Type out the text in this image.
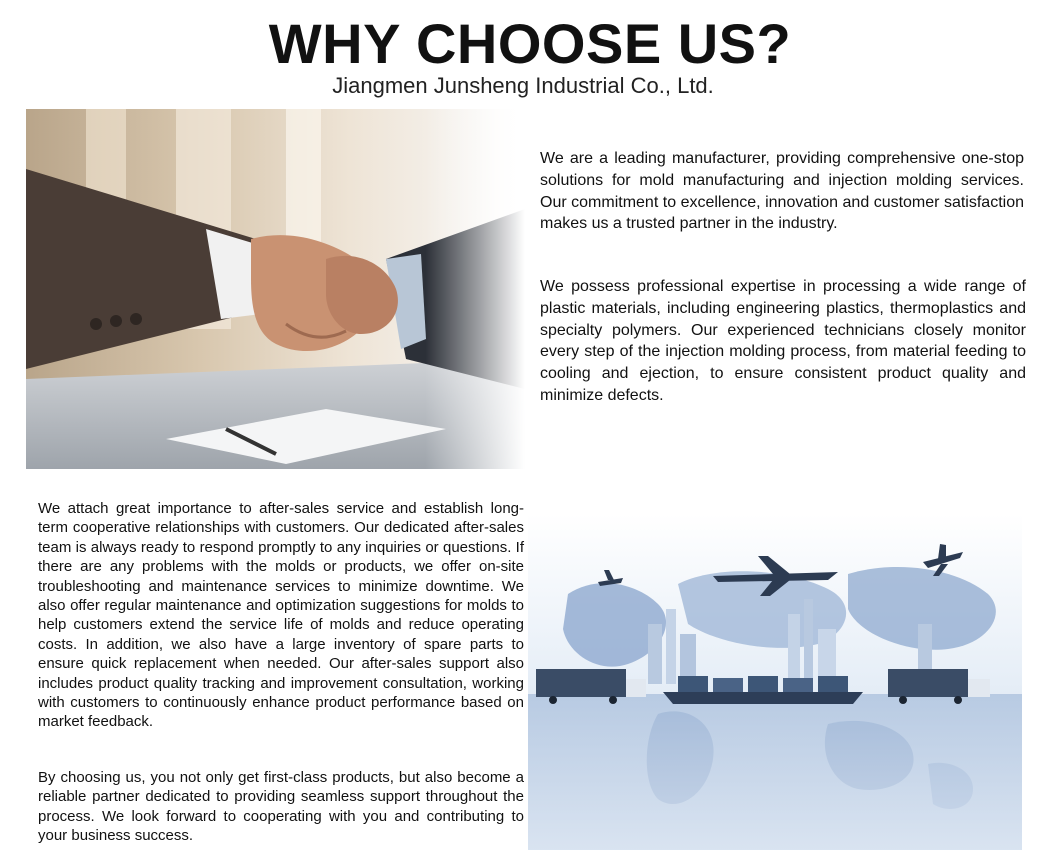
WHY CHOOSE US?
Jiangmen Junsheng Industrial Co., Ltd.

We are a leading manufacturer, providing comprehensive one-stop solutions for mold manufacturing and injection molding services. Our commitment to excellence, innovation and customer satisfaction makes us a trusted partner in the industry.

We possess professional expertise in processing a wide range of plastic materials, including engineering plastics, thermoplastics and specialty polymers. Our experienced technicians closely monitor every step of the injection molding process, from material feeding to cooling and ejection, to ensure consistent product quality and minimize defects.

We attach great importance to after-sales service and establish long-term cooperative relationships with customers. Our dedicated after-sales team is always ready to respond promptly to any inquiries or questions. If there are any problems with the molds or products, we offer on-site troubleshooting and maintenance services to minimize downtime. We also offer regular maintenance and optimization suggestions for molds to help customers extend the service life of molds and reduce operating costs. In addition, we also have a large inventory of spare parts to ensure quick replacement when needed. Our after-sales support also includes product quality tracking and improvement consultation, working with customers to continuously enhance product performance based on market feedback.

By choosing us, you not only get first-class products, but also become a reliable partner dedicated to providing seamless support throughout the process. We look forward to cooperating with you and contributing to your business success.
